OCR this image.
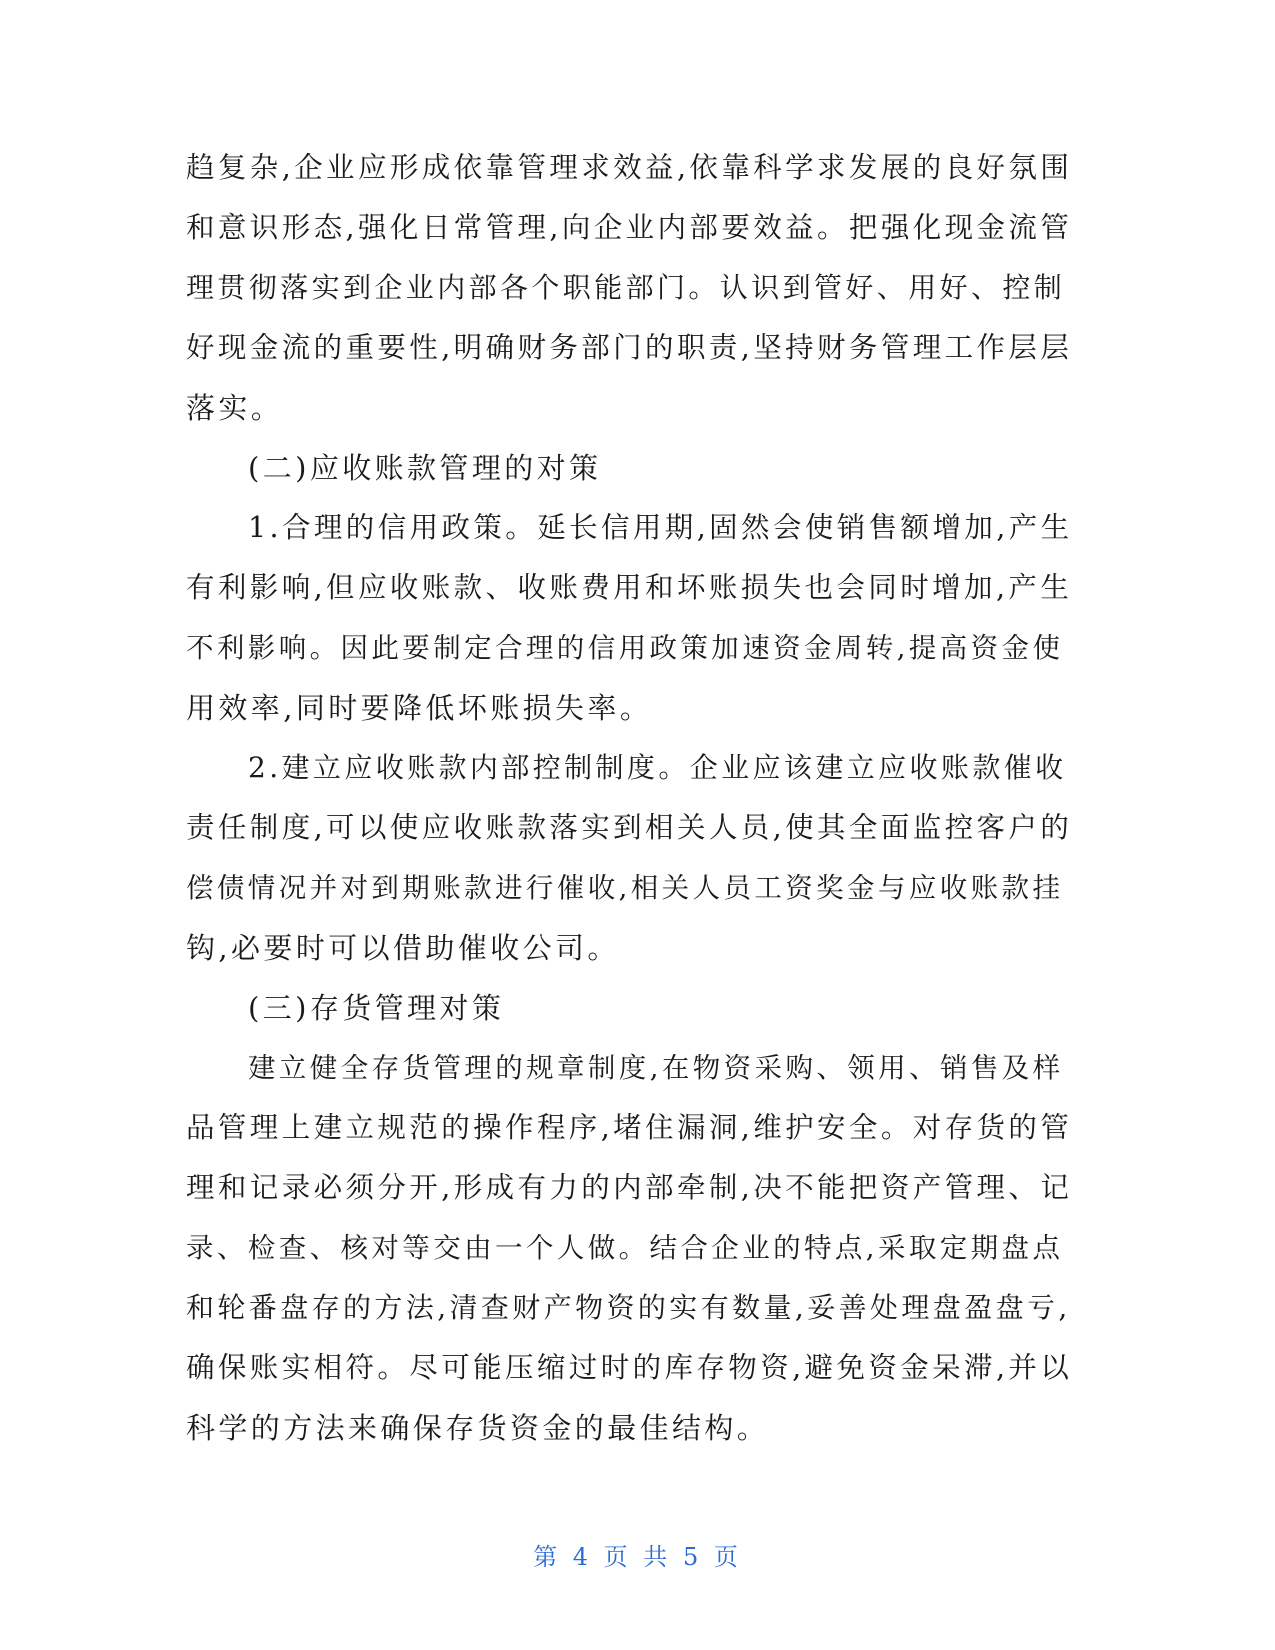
趋复杂,企业应形成依靠管理求效益,依靠科学求发展的良好氛围
和意识形态,强化日常管理,向企业内部要效益。把强化现金流管
理贯彻落实到企业内部各个职能部门。认识到管好、用好、控制
好现金流的重要性,明确财务部门的职责,坚持财务管理工作层层
落实。
(二)应收账款管理的对策
1.合理的信用政策。延长信用期,固然会使销售额增加,产生
有利影响,但应收账款、收账费用和坏账损失也会同时增加,产生
不利影响。因此要制定合理的信用政策加速资金周转,提高资金使
用效率,同时要降低坏账损失率。
2.建立应收账款内部控制制度。企业应该建立应收账款催收
责任制度,可以使应收账款落实到相关人员,使其全面监控客户的
偿债情况并对到期账款进行催收,相关人员工资奖金与应收账款挂
钩,必要时可以借助催收公司。
(三)存货管理对策
建立健全存货管理的规章制度,在物资采购、领用、销售及样
品管理上建立规范的操作程序,堵住漏洞,维护安全。对存货的管
理和记录必须分开,形成有力的内部牵制,决不能把资产管理、记
录、检查、核对等交由一个人做。结合企业的特点,采取定期盘点
和轮番盘存的方法,清查财产物资的实有数量,妥善处理盘盈盘亏,
确保账实相符。尽可能压缩过时的库存物资,避免资金呆滞,并以
科学的方法来确保存货资金的最佳结构。
第 4 页 共 5 页
